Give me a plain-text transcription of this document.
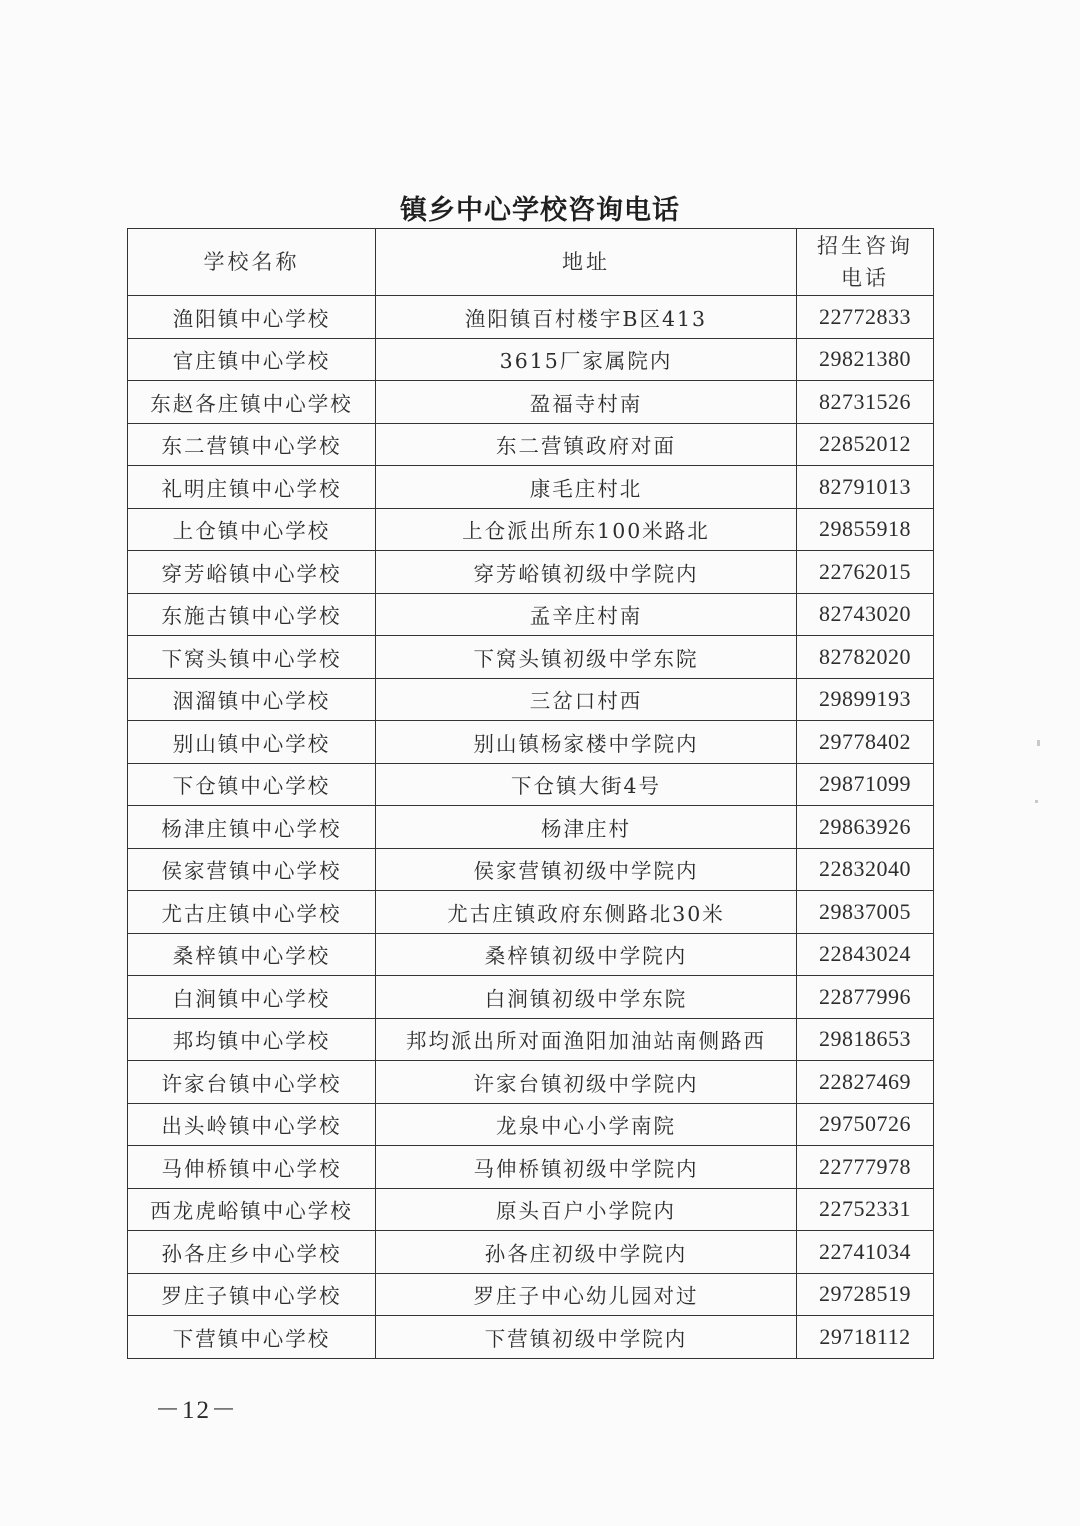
镇乡中心学校咨询电话
学校名称	地址	招生咨询
电话

渔阳镇中心学校	渔阳镇百村楼宇B区413	22772833
官庄镇中心学校	3615厂家属院内	29821380
东赵各庄镇中心学校	盈福寺村南	82731526
东二营镇中心学校	东二营镇政府对面	22852012
礼明庄镇中心学校	康毛庄村北	82791013
上仓镇中心学校	上仓派出所东100米路北	29855918
穿芳峪镇中心学校	穿芳峪镇初级中学院内	22762015
东施古镇中心学校	孟辛庄村南	82743020
下窝头镇中心学校	下窝头镇初级中学东院	82782020
洇溜镇中心学校	三岔口村西	29899193
别山镇中心学校	别山镇杨家楼中学院内	29778402
下仓镇中心学校	下仓镇大街4号	29871099
杨津庄镇中心学校	杨津庄村	29863926
侯家营镇中心学校	侯家营镇初级中学院内	22832040
尤古庄镇中心学校	尤古庄镇政府东侧路北30米	29837005
桑梓镇中心学校	桑梓镇初级中学院内	22843024
白涧镇中心学校	白涧镇初级中学东院	22877996
邦均镇中心学校	邦均派出所对面渔阳加油站南侧路西	29818653
许家台镇中心学校	许家台镇初级中学院内	22827469
出头岭镇中心学校	龙泉中心小学南院	29750726
马伸桥镇中心学校	马伸桥镇初级中学院内	22777978
西龙虎峪镇中心学校	原头百户小学院内	22752331
孙各庄乡中心学校	孙各庄初级中学院内	22741034
罗庄子镇中心学校	罗庄子中心幼儿园对过	29728519
下营镇中心学校	下营镇初级中学院内	29718112
－12－
